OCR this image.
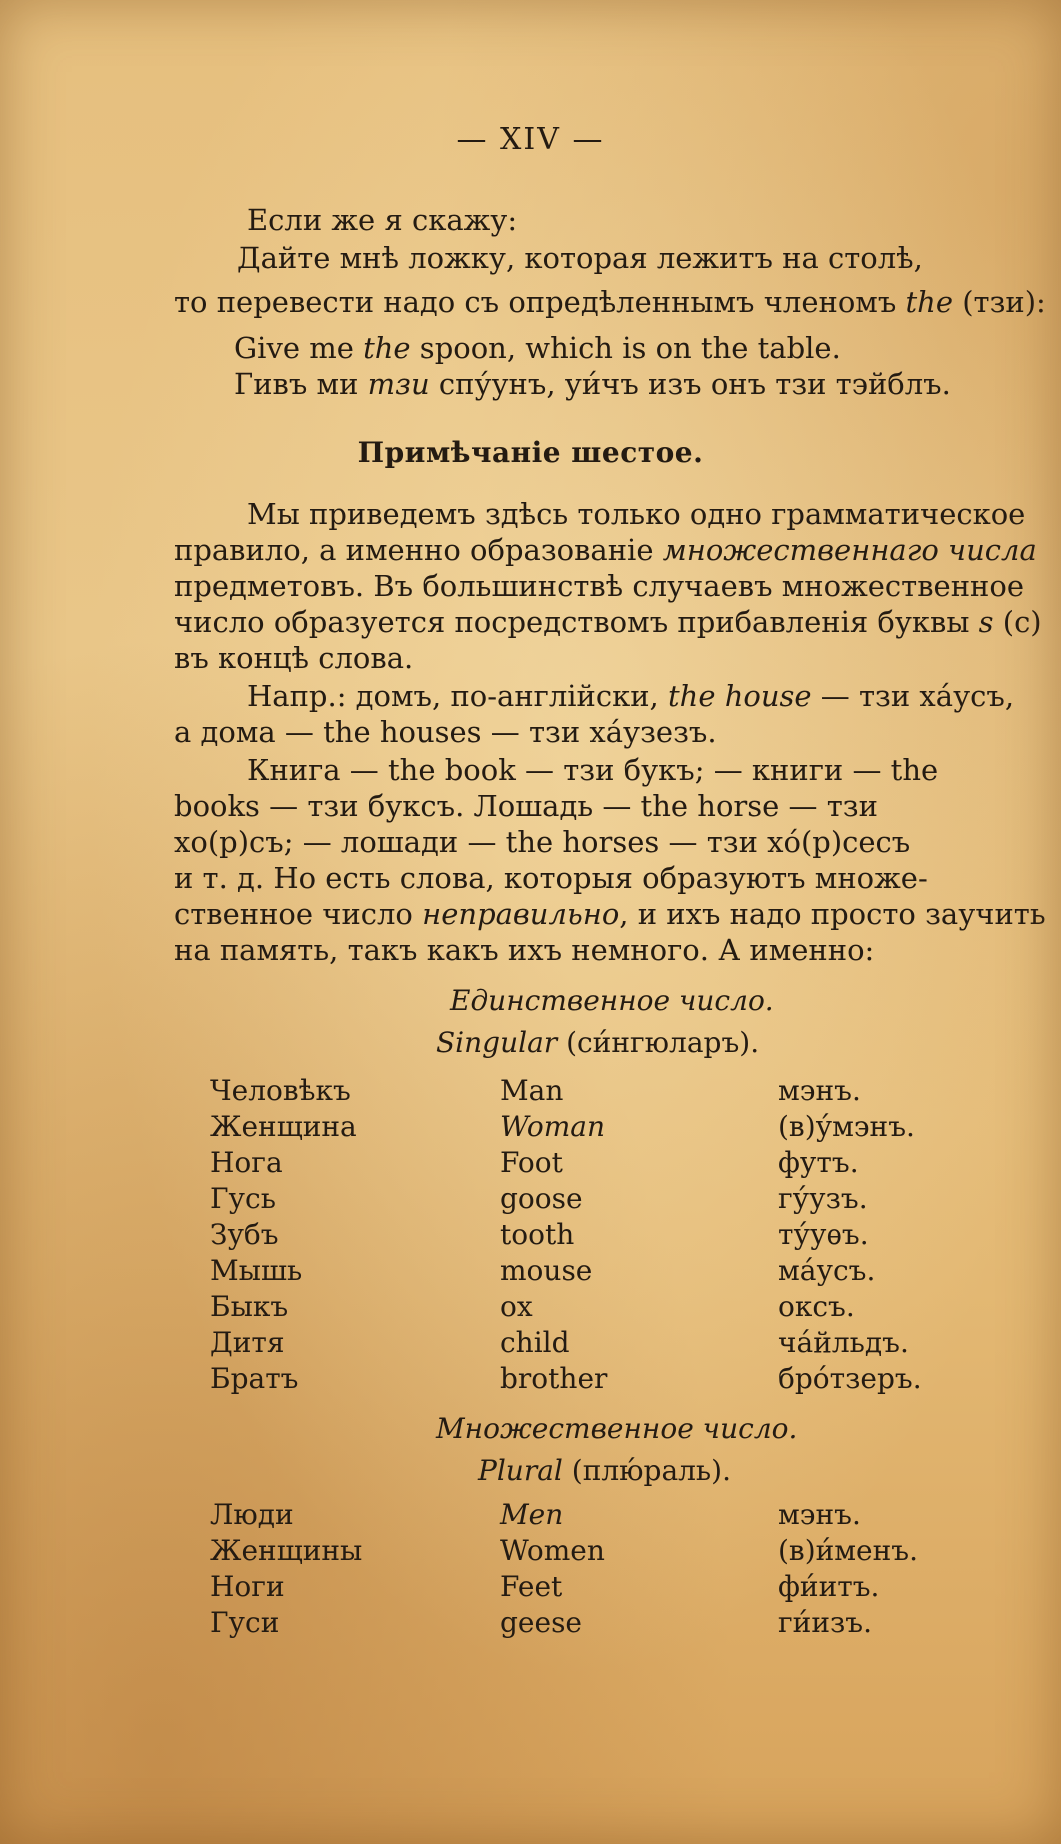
— XIV —
Если же я скажу:
Дайте мнѣ ложку, которая лежитъ на столѣ,
то перевести надо съ опредѣленнымъ членомъ the (тзи):
Give me the spoon, which is on the table.
Гивъ ми тзи спу́унъ, уи́чъ изъ онъ тзи тэйблъ.
Примѣчаніе шестое.
Мы приведемъ здѣсь только одно грамматическое
правило, а именно образованіе множественнаго числа
предметовъ. Въ большинствѣ случаевъ множественное
число образуется посредствомъ прибавленія буквы s (с)
въ концѣ слова.
Напр.: домъ, по-англійски, the house — тзи ха́усъ,
а дома — the houses — тзи ха́узезъ.
Книга — the book — тзи букъ; — книги — the
books — тзи буксъ. Лошадь — the horse — тзи
хо(р)съ; — лошади — the horses — тзи хо́(р)сесъ
и т. д. Но есть слова, которыя образуютъ множе-
ственное число неправильно, и ихъ надо просто заучить
на память, такъ какъ ихъ немного. А именно:
Единственное число.
Singular (си́нгюларъ).
Человѣкъ	Man	мэнъ.
Женщина	Woman	(в)у́мэнъ.
Нога	Foot	футъ.
Гусь	goose	гу́узъ.
Зубъ	tooth	ту́уѳъ.
Мышь	mouse	ма́усъ.
Быкъ	ox	оксъ.
Дитя	child	ча́йльдъ.
Братъ	brother	бро́тзеръ.
Множественное число.
Plural (плю́раль).
Люди	Men	мэнъ.
Женщины	Women	(в)и́менъ.
Ноги	Feet	фи́итъ.
Гуси	geese	ги́изъ.
